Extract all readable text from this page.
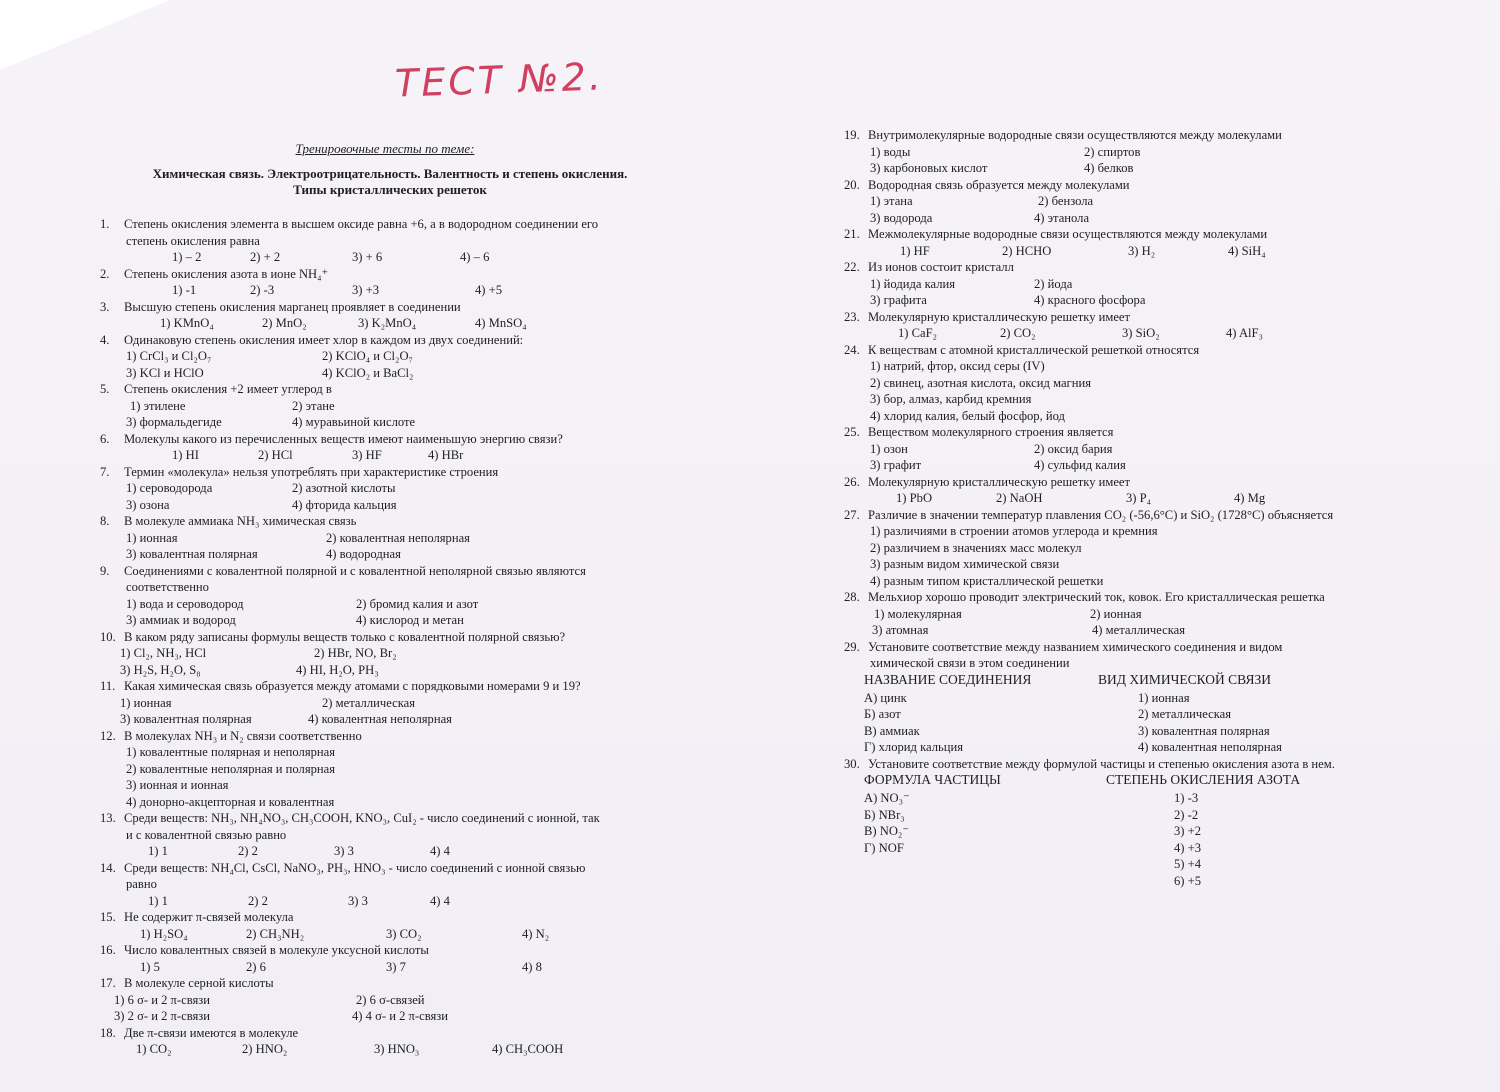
ТЕСТ №2.
Тренировочные тесты по теме:
Химическая связь. Электроотрицательность. Валентность и степень окисления.
Типы кристаллических решеток
1. Степень окисления элемента в высшем оксиде равна +6, а в водородном соединении его
степень окисления равна
1) – 2	2) + 2	3) + 6	4) – 6
2. Степень окисления азота в ионе NH₄⁺
1) -1	2) -3	3) +3	4) +5
3. Высшую степень окисления марганец проявляет в соединении
1) KMnO₄	2) MnO₂	3) K₂MnO₄	4) MnSO₄
4. Одинаковую степень окисления имеет хлор в каждом из двух соединений:
1) CrCl₃ и Cl₂O₇	2) KClO₄ и Cl₂O₇
3) KCl и HClO	4) KClO₂ и BaCl₂
5. Степень окисления +2 имеет углерод в
1) этилене	2) этане
3) формальдегиде	4) муравьиной кислоте
6. Молекулы какого из перечисленных веществ имеют наименьшую энергию связи?
1) HI	2) HCl	3) HF	4) HBr
7. Термин «молекула» нельзя употреблять при характеристике строения
1) сероводорода	2) азотной кислоты
3) озона	4) фторида кальция
8. В молекуле аммиака NH₃ химическая связь
1) ионная	2) ковалентная неполярная
3) ковалентная полярная	4) водородная
9. Соединениями с ковалентной полярной и с ковалентной неполярной связью являются
соответственно
1) вода и сероводород	2) бромид калия и азот
3) аммиак и водород	4) кислород и метан
10. В каком ряду записаны формулы веществ только с ковалентной полярной связью?
1) Cl₂, NH₃, HCl	2) HBr, NO, Br₂
3) H₂S, H₂O, S₈	4) HI, H₂O, PH₃
11. Какая химическая связь образуется между атомами с порядковыми номерами 9 и 19?
1) ионная	2) металлическая
3) ковалентная полярная	4) ковалентная неполярная
12. В молекулах NH₃ и N₂ связи соответственно
1) ковалентные полярная и неполярная
2) ковалентные неполярная и полярная
3) ионная и ионная
4) донорно-акцепторная и ковалентная
13. Среди веществ: NH₃, NH₄NO₃, CH₃COOH, KNO₃, CuI₂ - число соединений с ионной, так
и с ковалентной связью равно
1) 1	2) 2	3) 3	4) 4
14. Среди веществ: NH₄Cl, CsCl, NaNO₃, PH₃, HNO₃ - число соединений с ионной связью
равно
1) 1	2) 2	3) 3	4) 4
15. Не содержит π-связей молекула
1) H₂SO₄	2) CH₃NH₂	3) CO₂	4) N₂
16. Число ковалентных связей в молекуле уксусной кислоты
1) 5	2) 6	3) 7	4) 8
17. В молекуле серной кислоты
1) 6 σ- и 2 π-связи	2) 6 σ-связей
3) 2 σ- и 2 π-связи	4) 4 σ- и 2 π-связи
18. Две π-связи имеются в молекуле
1) CO₂	2) HNO₂	3) HNO₃	4) CH₃COOH
19. Внутримолекулярные водородные связи осуществляются между молекулами
1) воды	2) спиртов
3) карбоновых кислот	4) белков
20. Водородная связь образуется между молекулами
1) этана	2) бензола
3) водорода	4) этанола
21. Межмолекулярные водородные связи осуществляются между молекулами
1) HF	2) HCHO	3) H₂	4) SiH₄
22. Из ионов состоит кристалл
1) йодида калия	2) йода
3) графита	4) красного фосфора
23. Молекулярную кристаллическую решетку имеет
1) CaF₂	2) CO₂	3) SiO₂	4) AlF₃
24. К веществам с атомной кристаллической решеткой относятся
1) натрий, фтор, оксид серы (IV)
2) свинец, азотная кислота, оксид магния
3) бор, алмаз, карбид кремния
4) хлорид калия, белый фосфор, йод
25. Веществом молекулярного строения является
1) озон	2) оксид бария
3) графит	4) сульфид калия
26. Молекулярную кристаллическую решетку имеет
1) PbO	2) NaOH	3) P₄	4) Mg
27. Различие в значении температур плавления CO₂ (-56,6°C) и SiO₂ (1728°C) объясняется
1) различиями в строении атомов углерода и кремния
2) различием в значениях масс молекул
3) разным видом химической связи
4) разным типом кристаллической решетки
28. Мельхиор хорошо проводит электрический ток, ковок. Его кристаллическая решетка
1) молекулярная	2) ионная
3) атомная	4) металлическая
29. Установите соответствие между названием химического соединения и видом
химической связи в этом соединении
НАЗВАНИЕ СОЕДИНЕНИЯ	ВИД ХИМИЧЕСКОЙ СВЯЗИ
А) цинк	1) ионная
Б) азот	2) металлическая
В) аммиак	3) ковалентная полярная
Г) хлорид кальция	4) ковалентная неполярная
30. Установите соответствие между формулой частицы и степенью окисления азота в нем.
ФОРМУЛА ЧАСТИЦЫ	СТЕПЕНЬ ОКИСЛЕНИЯ АЗОТА
А) NO₃⁻	1) -3
Б) NBr₃	2) -2
В) NO₂⁻	3) +2
Г) NOF	4) +3
5) +4
6) +5
